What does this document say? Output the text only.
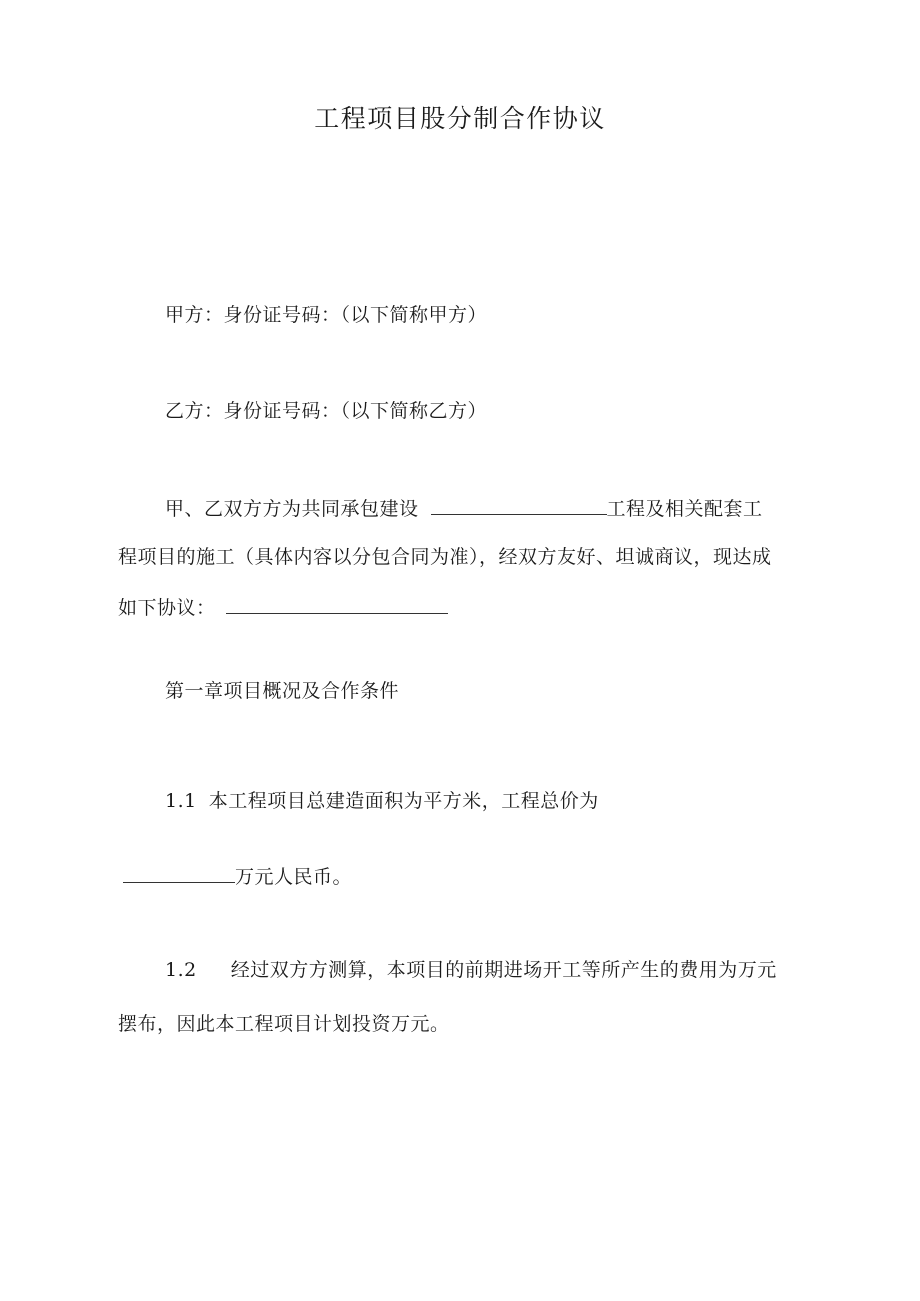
工程项目股分制合作协议
甲方：身份证号码：（以下简称甲方）
乙方：身份证号码：（以下简称乙方）
甲、乙双方方为共同承包建设	工程及相关配套工
程项目的施工（具体内容以分包合同为准），经双方友好、坦诚商议，现达成
如下协议：
第一章项目概况及合作条件
1.1 本工程项目总建造面积为平方米，工程总价为
万元人民币。
1.2 经过双方方测算，本项目的前期进场开工等所产生的费用为万元
摆布，因此本工程项目计划投资万元。
